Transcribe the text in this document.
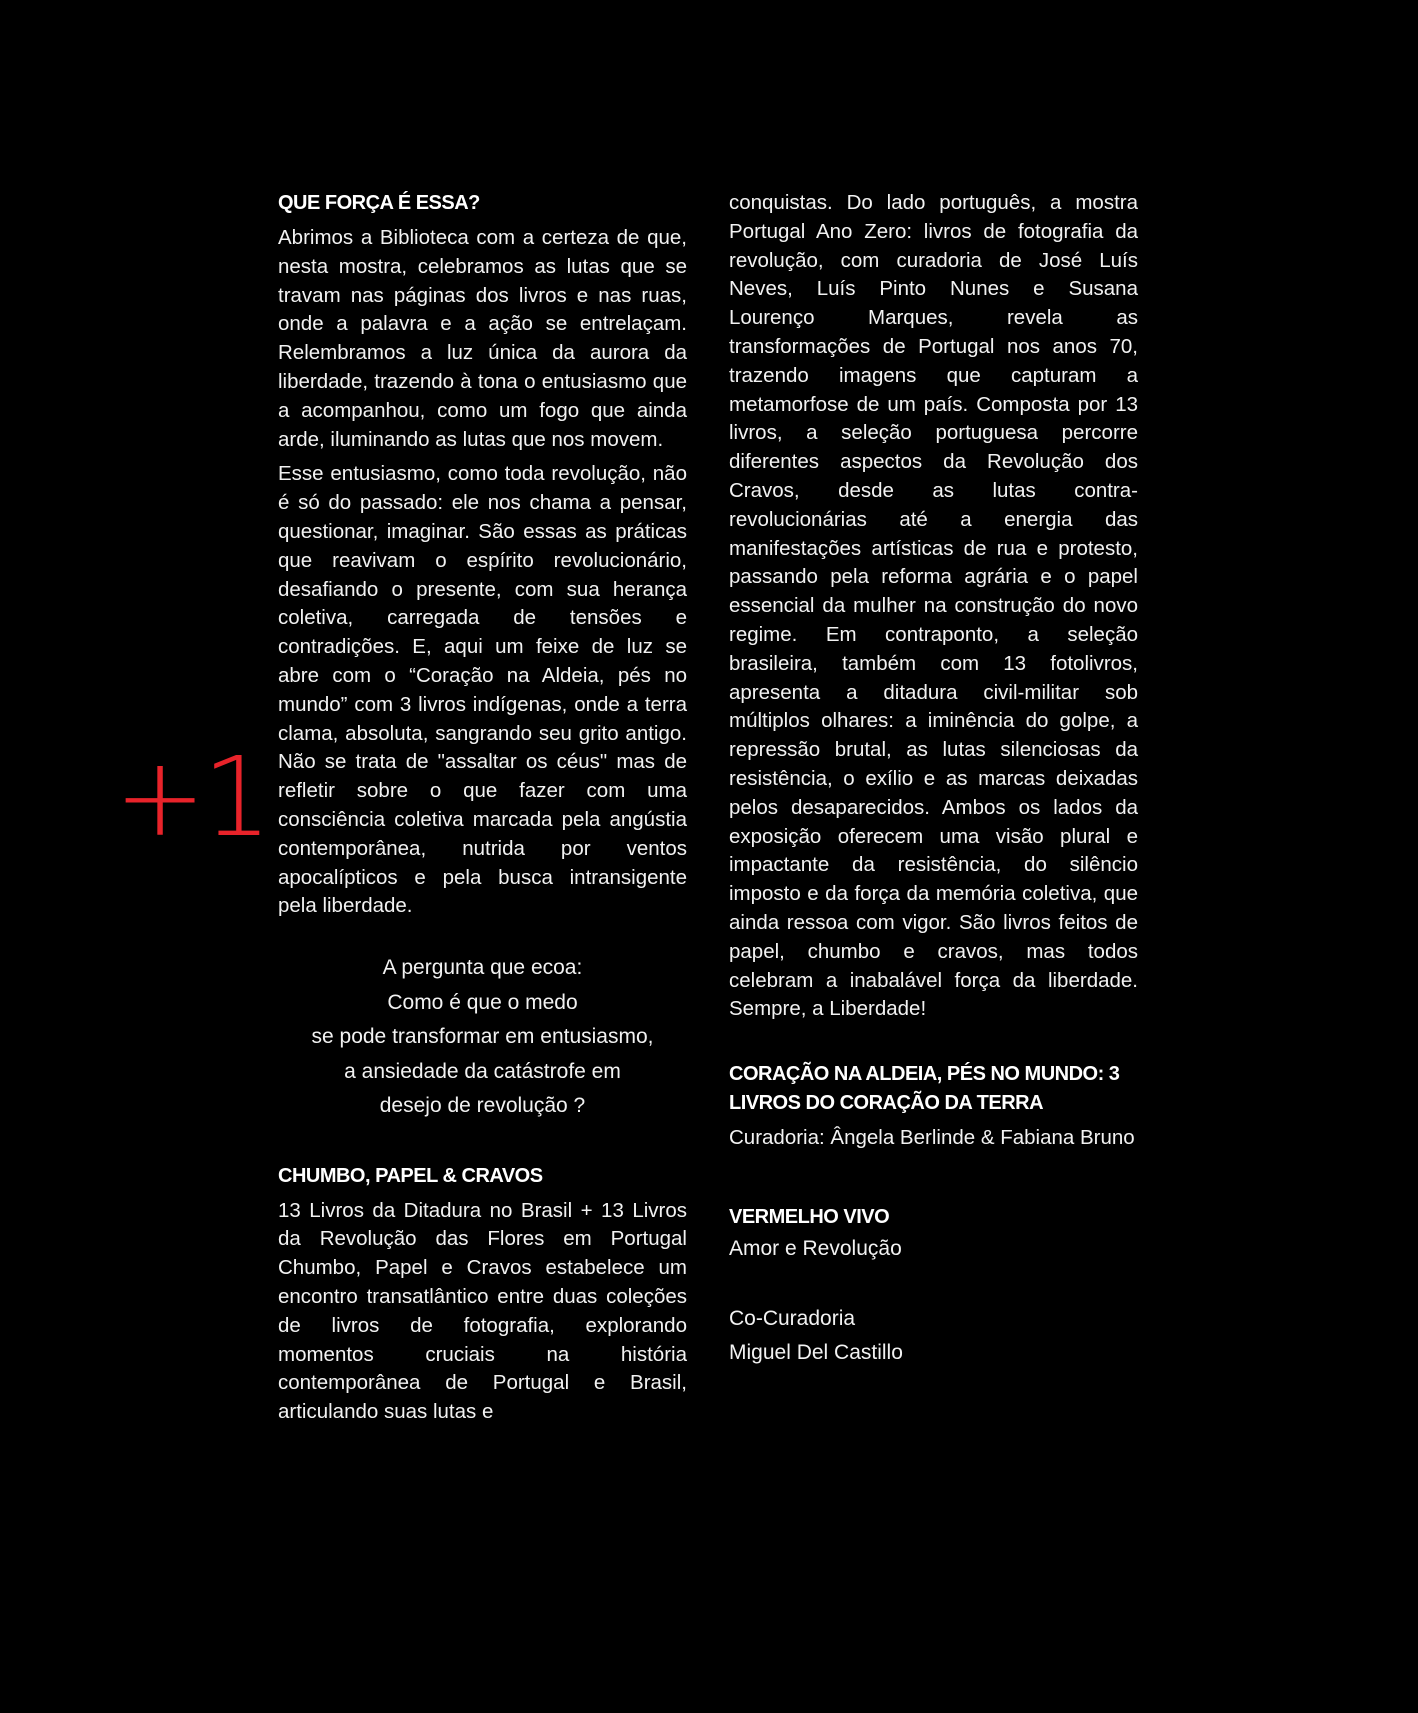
+1
QUE FORÇA É ESSA?

Abrimos a Biblioteca com a certeza de que, nesta mostra, celebramos as lutas que se travam nas páginas dos livros e nas ruas, onde a palavra e a ação se entrelaçam. Relembramos a luz única da aurora da liberdade, trazendo à tona o entusiasmo que a acompanhou, como um fogo que ainda arde, iluminando as lutas que nos movem.

Esse entusiasmo, como toda revolução, não é só do passado: ele nos chama a pensar, questionar, imaginar. São essas as práticas que reavivam o espírito revolucionário, desafiando o presente, com sua herança coletiva, carregada de tensões e contradições. E, aqui um feixe de luz se abre com o “Coração na Aldeia, pés no mundo” com 3 livros indígenas, onde a terra clama, absoluta, sangrando seu grito antigo. Não se trata de "assaltar os céus" mas de refletir sobre o que fazer com uma consciência coletiva marcada pela angústia contemporânea, nutrida por ventos apocalípticos e pela busca intransigente pela liberdade.

A pergunta que ecoa:
Como é que o medo
se pode transformar em entusiasmo,
a ansiedade da catástrofe em
desejo de revolução ?
CHUMBO, PAPEL & CRAVOS

13 Livros da Ditadura no Brasil + 13 Livros da Revolução das Flores em Portugal Chumbo, Papel e Cravos estabelece um encontro transatlântico entre duas coleções de livros de fotografia, explorando momentos cruciais na história contemporânea de Portugal e Brasil, articulando suas lutas e

conquistas. Do lado português, a mostra Portugal Ano Zero: livros de fotografia da revolução, com curadoria de José Luís Neves, Luís Pinto Nunes e Susana Lourenço Marques, revela as transformações de Portugal nos anos 70, trazendo imagens que capturam a metamorfose de um país. Composta por 13 livros, a seleção portuguesa percorre diferentes aspectos da Revolução dos Cravos, desde as lutas contra-revolucionárias até a energia das manifestações artísticas de rua e protesto, passando pela reforma agrária e o papel essencial da mulher na construção do novo regime. Em contraponto, a seleção brasileira, também com 13 fotolivros, apresenta a ditadura civil-militar sob múltiplos olhares: a iminência do golpe, a repressão brutal, as lutas silenciosas da resistência, o exílio e as marcas deixadas pelos desaparecidos. Ambos os lados da exposição oferecem uma visão plural e impactante da resistência, do silêncio imposto e da força da memória coletiva, que ainda ressoa com vigor. São livros feitos de papel, chumbo e cravos, mas todos celebram a inabalável força da liberdade. Sempre, a Liberdade!

CORAÇÃO NA ALDEIA, PÉS NO MUNDO: 3 LIVROS DO CORAÇÃO DA TERRA

Curadoria: Ângela Berlinde & Fabiana Bruno

VERMELHO VIVO
Amor e Revolução
Co-Curadoria
Miguel Del Castillo
